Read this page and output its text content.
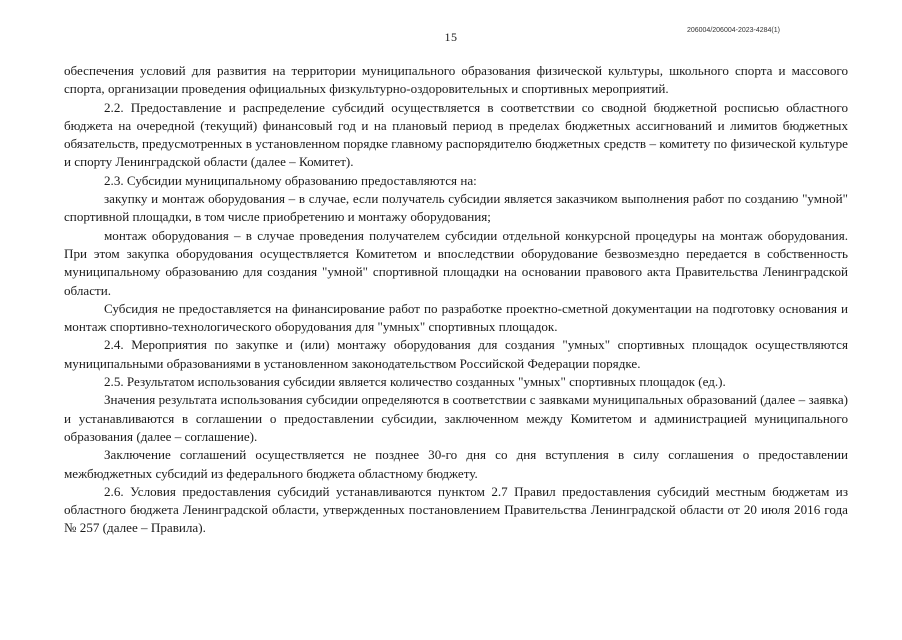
15	206004/206004-2023-4284(1)

обеспечения условий для развития на территории муниципального образования физической культуры, школьного спорта и массового спорта, организации проведения официальных физкультурно-оздоровительных и спортивных мероприятий.

2.2. Предоставление и распределение субсидий осуществляется в соответствии со сводной бюджетной росписью областного бюджета на очередной (текущий) финансовый год и на плановый период в пределах бюджетных ассигнований и лимитов бюджетных обязательств, предусмотренных в установленном порядке главному распорядителю бюджетных средств – комитету по физической культуре и спорту Ленинградской области (далее – Комитет).

2.3. Субсидии муниципальному образованию предоставляются на:

закупку и монтаж оборудования – в случае, если получатель субсидии является заказчиком выполнения работ по созданию "умной" спортивной площадки, в том числе приобретению и монтажу оборудования;

монтаж оборудования – в случае проведения получателем субсидии отдельной конкурсной процедуры на монтаж оборудования. При этом закупка оборудования осуществляется Комитетом и впоследствии оборудование безвозмездно передается в собственность муниципальному образованию для создания "умной" спортивной площадки на основании правового акта Правительства Ленинградской области.

Субсидия не предоставляется на финансирование работ по разработке проектно-сметной документации на подготовку основания и монтаж спортивно-технологического оборудования для "умных" спортивных площадок.

2.4. Мероприятия по закупке и (или) монтажу оборудования для создания "умных" спортивных площадок осуществляются муниципальными образованиями в установленном законодательством Российской Федерации порядке.

2.5. Результатом использования субсидии является количество созданных "умных" спортивных площадок (ед.).

Значения результата использования субсидии определяются в соответствии с заявками муниципальных образований (далее – заявка) и устанавливаются в соглашении о предоставлении субсидии, заключенном между Комитетом и администрацией муниципального образования (далее – соглашение).

Заключение соглашений осуществляется не позднее 30-го дня со дня вступления в силу соглашения о предоставлении межбюджетных субсидий из федерального бюджета областному бюджету.

2.6. Условия предоставления субсидий устанавливаются пунктом 2.7 Правил предоставления субсидий местным бюджетам из областного бюджета Ленинградской области, утвержденных постановлением Правительства Ленинградской области от 20 июля 2016 года № 257 (далее – Правила).
